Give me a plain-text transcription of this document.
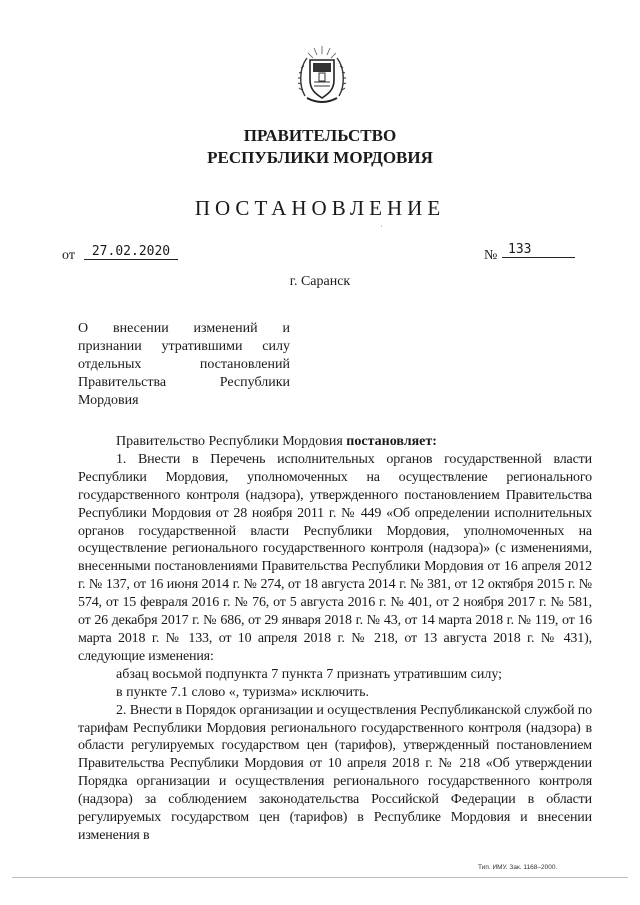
ПРАВИТЕЛЬСТВО
РЕСПУБЛИКИ МОРДОВИЯ
ПОСТАНОВЛЕНИЕ
˙
от	27.02.2020	№ 133
г. Саранск
О внесении изменений и признании утратившими силу отдельных постановлений Правительства Республики Мордовия

Правительство Республики Мордовия постановляет:

1. Внести в Перечень исполнительных органов государственной власти Республики Мордовия, уполномоченных на осуществление регионального государственного контроля (надзора), утвержденного постановлением Правительства Республики Мордовия от 28 ноября 2011 г. № 449 «Об определении исполнительных органов государственной власти Республики Мордовия, уполномоченных на осуществление регионального государственного контроля (надзора)» (с изменениями, внесенными постановлениями Правительства Республики Мордовия от 16 апреля 2012 г. № 137, от 16 июня 2014 г. № 274, от 18 августа 2014 г. № 381, от 12 октября 2015 г. № 574, от 15 февраля 2016 г. № 76, от 5 августа 2016 г. № 401, от 2 ноября 2017 г. № 581, от 26 декабря 2017 г. № 686, от 29 января 2018 г. № 43, от 14 марта 2018 г. № 119, от 16 марта 2018 г. № 133, от 10 апреля 2018 г. № 218, от 13 августа 2018 г. № 431), следующие изменения:

абзац восьмой подпункта 7 пункта 7 признать утратившим силу;

в пункте 7.1 слово «, туризма» исключить.

2. Внести в Порядок организации и осуществления Республиканской службой по тарифам Республики Мордовия регионального государственного контроля (надзора) в области регулируемых государством цен (тарифов), утвержденный постановлением Правительства Республики Мордовия от 10 апреля 2018 г. № 218 «Об утверждении Порядка организации и осуществления регионального государственного контроля (надзора) за соблюдением законодательства Российской Федерации в области регулируемых государством цен (тарифов) в Республике Мордовия и внесении изменения в

Тип. ИМУ. Зак. 1168–2000.
